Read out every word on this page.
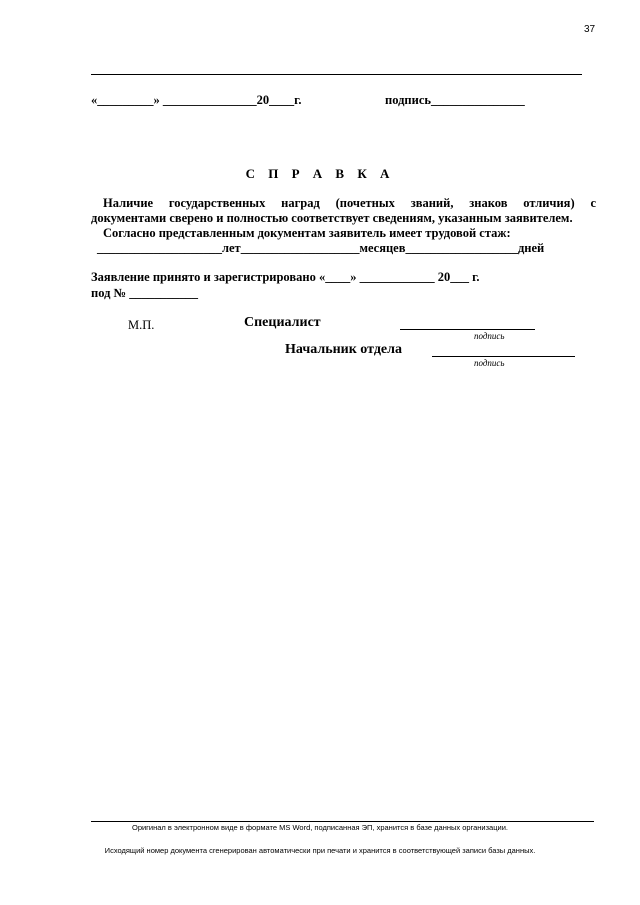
37
«_________» _______________20____г.	подпись_______________
С П Р А В К А
Наличие государственных наград (почетных званий, знаков отличия) с
документами сверено и полностью соответствует сведениям, указанным заявителем.
Согласно представленным документам заявитель имеет трудовой стаж:
____________________лет___________________месяцев__________________дней
Заявление принято и зарегистрировано «____» ____________ 20___ г.
под № ___________
М.П.	Специалист
подпись
Начальник отдела
подпись
Оригинал в электронном виде в формате MS Word, подписанная ЭП, хранится в базе данных организации.
Исходящий номер документа сгенерирован автоматически при печати и хранится в соответствующей записи базы данных.
